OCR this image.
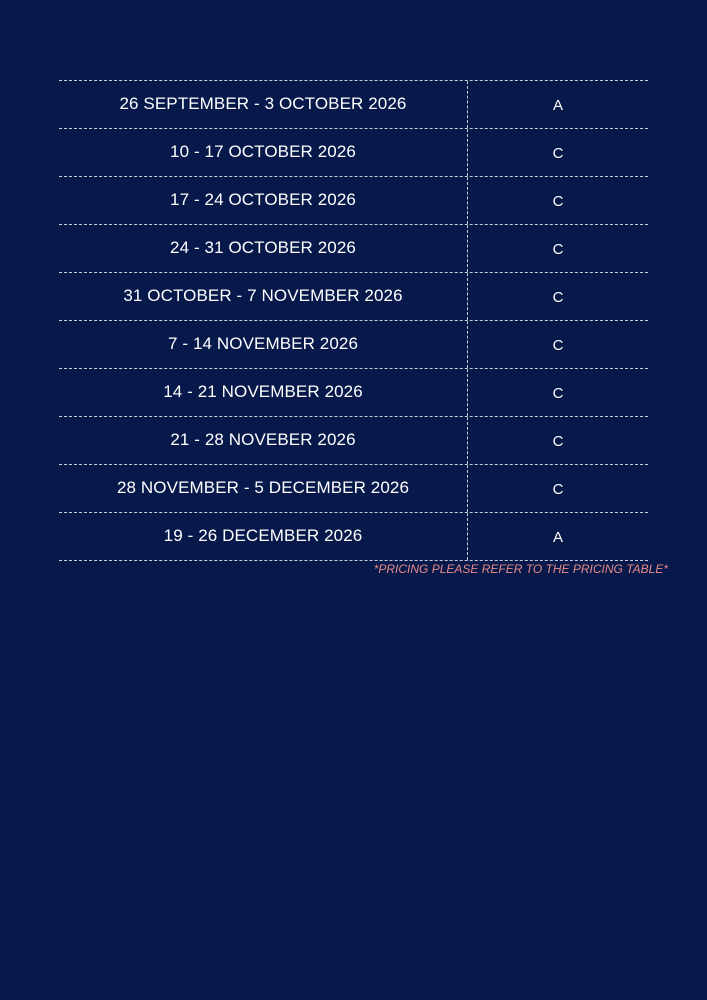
26 SEPTEMBER - 3 OCTOBER 2026	A
10 - 17 OCTOBER 2026	C
17 - 24 OCTOBER 2026	C
24 - 31 OCTOBER 2026	C
31 OCTOBER - 7 NOVEMBER 2026	C
7 - 14 NOVEMBER 2026	C
14 - 21 NOVEMBER 2026	C
21 - 28 NOVEBER 2026	C
28 NOVEMBER - 5 DECEMBER 2026	C
19 - 26 DECEMBER 2026	A
*PRICING PLEASE REFER TO THE PRICING TABLE*
